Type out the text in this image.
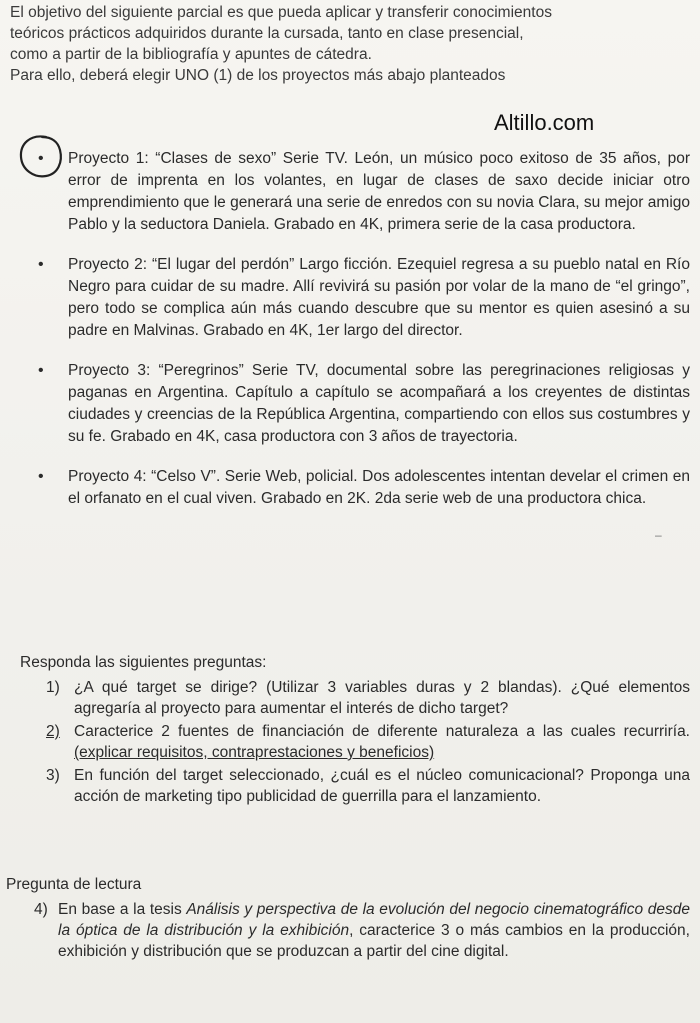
El objetivo del siguiente parcial es que pueda aplicar y transferir conocimientos

teóricos prácticos adquiridos durante la cursada, tanto en clase presencial,

como a partir de la bibliografía y apuntes de cátedra.

Para ello, deberá elegir UNO (1) de los proyectos más abajo planteados

Altillo.com
• Proyecto 1: “Clases de sexo” Serie TV. León, un músico poco exitoso de 35 años, por error de imprenta en los volantes, en lugar de clases de saxo decide iniciar otro emprendimiento que le generará una serie de enredos con su novia Clara, su mejor amigo Pablo y la seductora Daniela. Grabado en 4K, primera serie de la casa productora.
• Proyecto 2: “El lugar del perdón” Largo ficción. Ezequiel regresa a su pueblo natal en Río Negro para cuidar de su madre. Allí revivirá su pasión por volar de la mano de “el gringo”, pero todo se complica aún más cuando descubre que su mentor es quien asesinó a su padre en Malvinas. Grabado en 4K, 1er largo del director.
• Proyecto 3: “Peregrinos” Serie TV, documental sobre las peregrinaciones religiosas y paganas en Argentina. Capítulo a capítulo se acompañará a los creyentes de distintas ciudades y creencias de la República Argentina, compartiendo con ellos sus costumbres y su fe. Grabado en 4K, casa productora con 3 años de trayectoria.
• Proyecto 4: “Celso V”. Serie Web, policial. Dos adolescentes intentan develar el crimen en el orfanato en el cual viven. Grabado en 2K. 2da serie web de una productora chica.
–

Responda las siguientes preguntas:

1) ¿A qué target se dirige? (Utilizar 3 variables duras y 2 blandas). ¿Qué elementos agregaría al proyecto para aumentar el interés de dicho target?
2) Caracterice 2 fuentes de financiación de diferente naturaleza a las cuales recurriría. (explicar requisitos, contraprestaciones y beneficios)
3) En función del target seleccionado, ¿cuál es el núcleo comunicacional? Proponga una acción de marketing tipo publicidad de guerrilla para el lanzamiento.

Pregunta de lectura

4) En base a la tesis Análisis y perspectiva de la evolución del negocio cinematográfico desde la óptica de la distribución y la exhibición, caracterice 3 o más cambios en la producción, exhibición y distribución que se produzcan a partir del cine digital.
